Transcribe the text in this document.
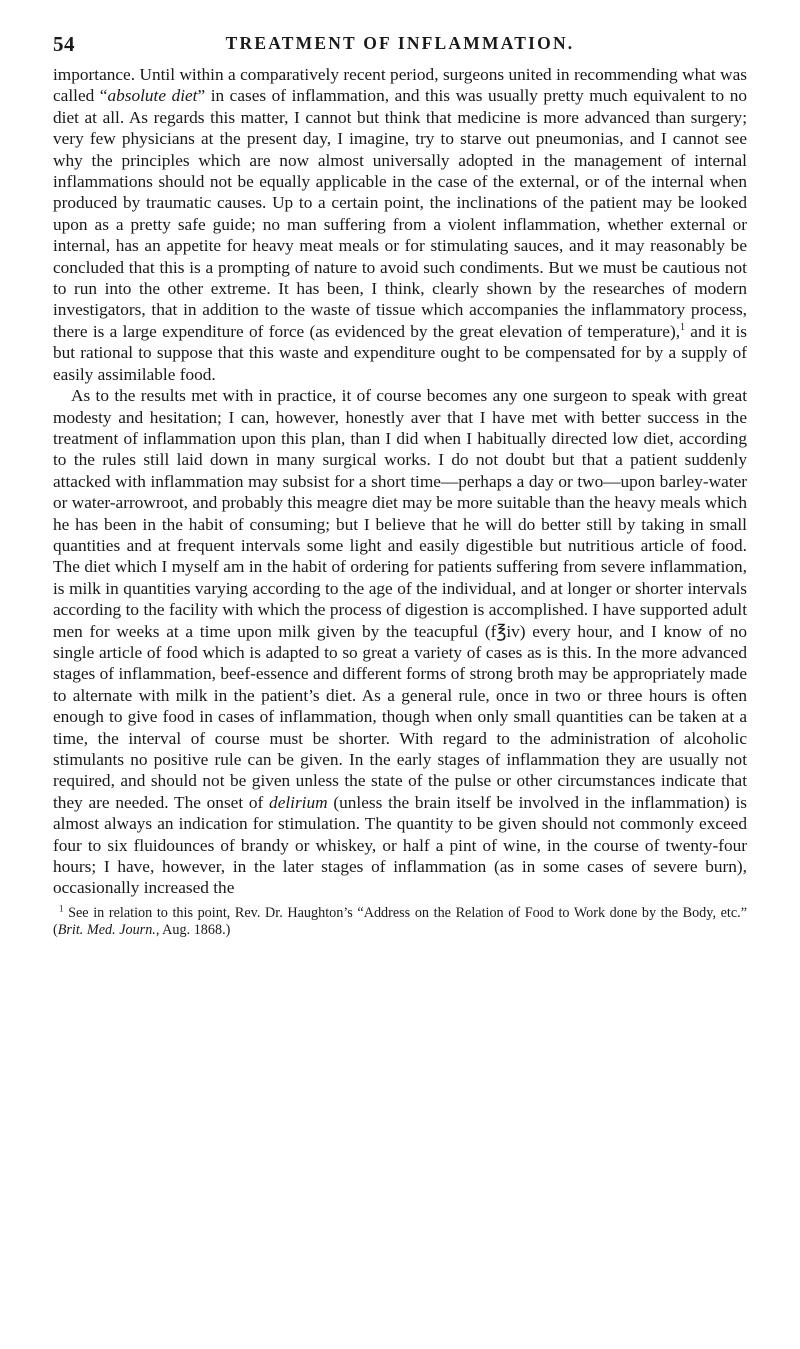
54	TREATMENT OF INFLAMMATION.

importance. Until within a comparatively recent period, surgeons united in recommending what was called “absolute diet” in cases of inflammation, and this was usually pretty much equivalent to no diet at all. As regards this matter, I cannot but think that medicine is more advanced than surgery; very few physicians at the present day, I imagine, try to starve out pneumonias, and I cannot see why the principles which are now almost universally adopted in the management of internal inflammations should not be equally applicable in the case of the external, or of the internal when produced by traumatic causes. Up to a certain point, the inclinations of the patient may be looked upon as a pretty safe guide; no man suffering from a violent inflammation, whether external or internal, has an appetite for heavy meat meals or for stimulating sauces, and it may reasonably be concluded that this is a prompting of nature to avoid such condiments. But we must be cautious not to run into the other extreme. It has been, I think, clearly shown by the researches of modern investigators, that in addition to the waste of tissue which accompanies the inflammatory process, there is a large expenditure of force (as evidenced by the great elevation of temperature),$^1$ and it is but rational to suppose that this waste and expenditure ought to be compensated for by a supply of easily assimilable food.

As to the results met with in practice, it of course becomes any one surgeon to speak with great modesty and hesitation; I can, however, honestly aver that I have met with better success in the treatment of inflammation upon this plan, than I did when I habitually directed low diet, according to the rules still laid down in many surgical works. I do not doubt but that a patient suddenly attacked with inflammation may subsist for a short time—perhaps a day or two—upon barley-water or water-arrowroot, and probably this meagre diet may be more suitable than the heavy meals which he has been in the habit of consuming; but I believe that he will do better still by taking in small quantities and at frequent intervals some light and easily digestible but nutritious article of food. The diet which I myself am in the habit of ordering for patients suffering from severe inflammation, is milk in quantities varying according to the age of the individual, and at longer or shorter intervals according to the facility with which the process of digestion is accomplished. I have supported adult men for weeks at a time upon milk given by the teacupful (f℥iv) every hour, and I know of no single article of food which is adapted to so great a variety of cases as is this. In the more advanced stages of inflammation, beef-essence and different forms of strong broth may be appropriately made to alternate with milk in the patient’s diet. As a general rule, once in two or three hours is often enough to give food in cases of inflammation, though when only small quantities can be taken at a time, the interval of course must be shorter. With regard to the administration of alcoholic stimulants no positive rule can be given. In the early stages of inflammation they are usually not required, and should not be given unless the state of the pulse or other circumstances indicate that they are needed. The onset of delirium (unless the brain itself be involved in the inflammation) is almost always an indication for stimulation. The quantity to be given should not commonly exceed four to six fluidounces of brandy or whiskey, or half a pint of wine, in the course of twenty-four hours; I have, however, in the later stages of inflammation (as in some cases of severe burn), occasionally increased the

$^1$ See in relation to this point, Rev. Dr. Haughton’s “Address on the Relation of Food to Work done by the Body, etc.” (Brit. Med. Journ., Aug. 1868.)
